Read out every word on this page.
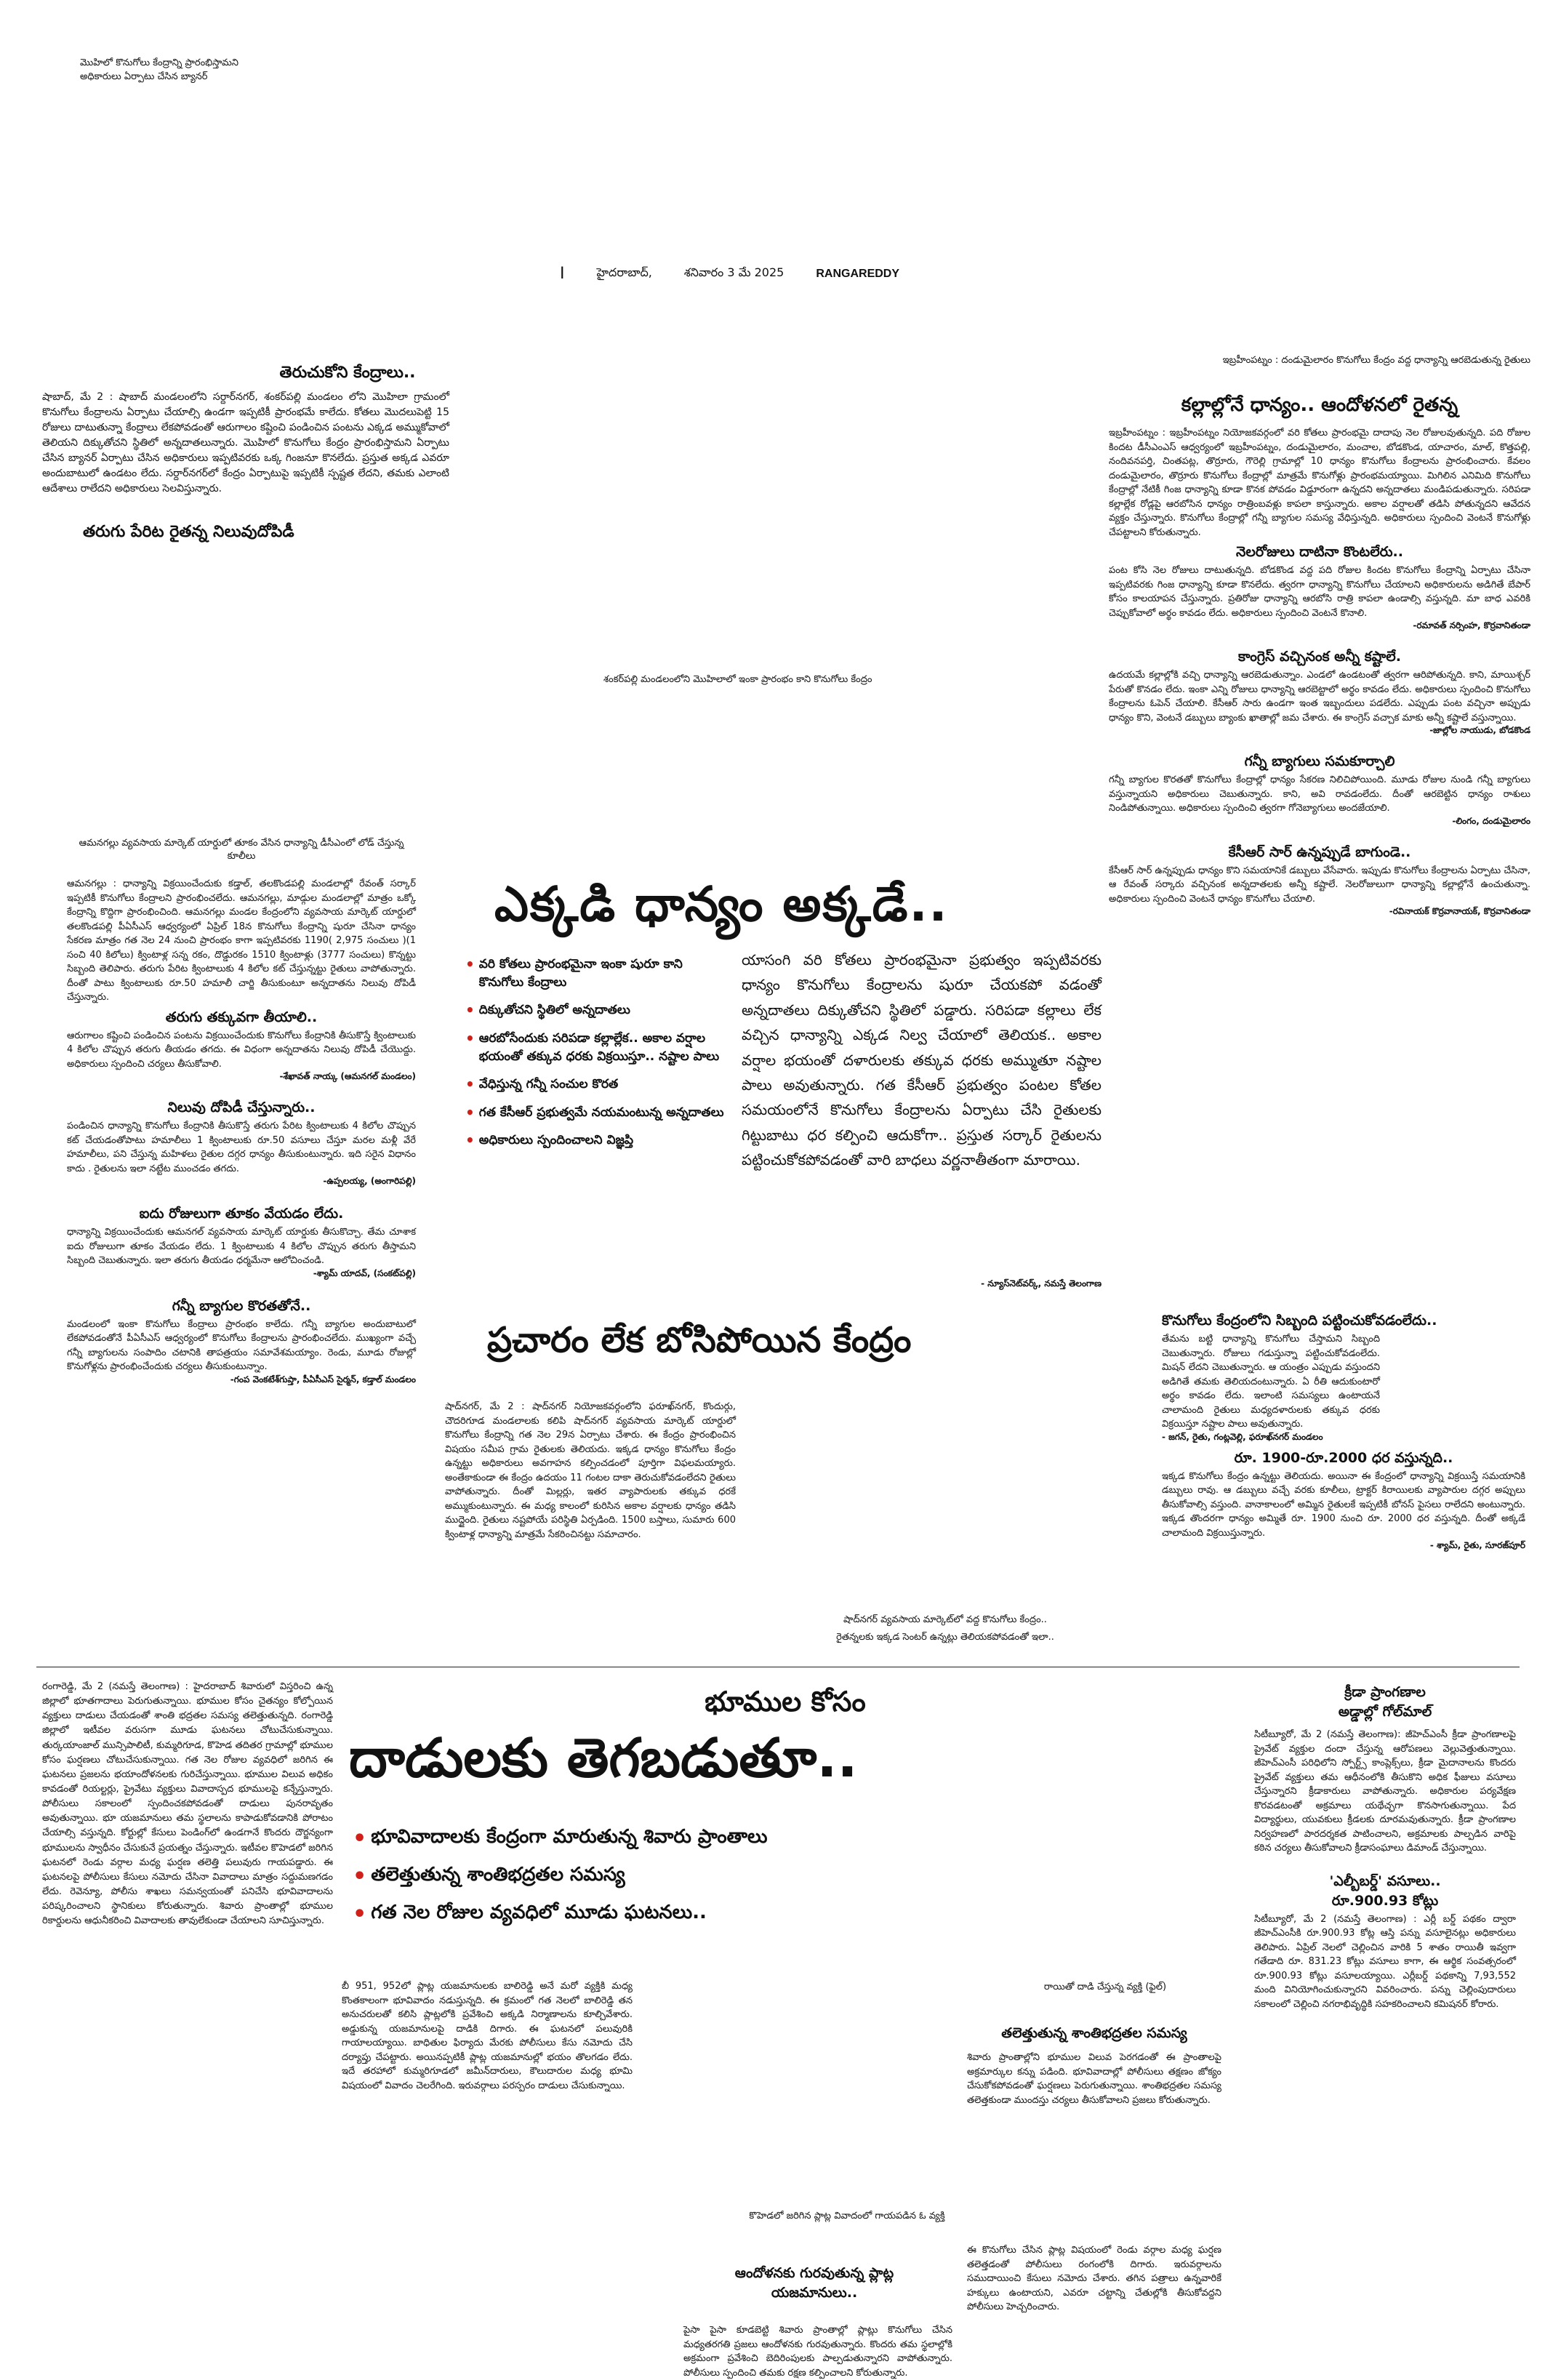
మొహిలో కొనుగోలు కేంద్రాన్ని ప్రారంభిస్తామని
అధికారులు ఏర్పాటు చేసిన బ్యానర్
I	హైదరాబాద్,	శనివారం 3 మే 2025	RANGAREDDY
తెరుచుకోని కేంద్రాలు..
షాబాద్, మే 2 : షాబాద్ మండలంలోని సర్దార్‌నగర్, శంకర్‌పల్లి మండలం లోని మొహిలా గ్రామంలో కొనుగోలు కేంద్రాలను ఏర్పాటు చేయాల్సి ఉండగా ఇప్పటికీ ప్రారంభమే కాలేదు. కోతలు మొదలుపెట్టి 15 రోజులు దాటుతున్నా కేంద్రాలు లేకపోవడంతో ఆరుగాలం కష్టించి పండించిన పంటను ఎక్కడ అమ్ముకోవాలో తెలియని దిక్కుతోచని స్థితిలో అన్నదాతలున్నారు. మొహిలో కొనుగోలు కేంద్రం ప్రారంభిస్తామని ఏర్పాటు చేసిన బ్యానర్ ఏర్పాటు చేసిన అధికారులు ఇప్పటివరకు ఒక్క గింజనూ కొనలేదు. ప్రస్తుత అక్కడ ఎవరూ అందుబాటులో ఉండటం లేదు. సర్దార్‌నగర్‌లో కేంద్రం ఏర్పాటుపై ఇప్పటికీ స్పష్టత లేదని, తమకు ఎలాంటి ఆదేశాలు రాలేదని అధికారులు సెలవిస్తున్నారు.
తరుగు పేరిట రైతన్న నిలువుదోపిడీ
శంకర్‌పల్లి మండలంలోని మొహిలాలో ఇంకా ప్రారంభం కాని కొనుగోలు కేంద్రం
ఇబ్రహీంపట్నం : దండుమైలారం కొనుగోలు కేంద్రం వద్ద ధాన్యాన్ని ఆరబెడుతున్న రైతులు
కల్లాల్లోనే ధాన్యం.. ఆందోళనలో రైతన్న
ఇబ్రహీంపట్నం : ఇబ్రహీంపట్నం నియోజకవర్గంలో వరి కోతలు ప్రారంభమై దాదాపు నెల రోజులవుతున్నది. పది రోజుల కిందట డీసీఎంఎస్ ఆధ్వర్యంలో ఇబ్రహీంపట్నం, దండుమైలారం, మంచాల, బోడకొండ, యాచారం, మాల్, కొత్తపల్లి, నందివనపర్తి, చింతపట్ల, తొర్రూరు, గౌరెల్లి గ్రామాల్లో 10 ధాన్యం కొనుగోలు కేంద్రాలను ప్రారంభించారు. కేవలం దండుమైలారం, తొర్రూరు కొనుగోలు కేంద్రాల్లో మాత్రమే కొనుగోళ్లు ప్రారంభమయ్యాయి. మిగిలిన ఎనిమిది కొనుగోలు కేంద్రాల్లో నేటికీ గింజ ధాన్యాన్ని కూడా కొనక పోవడం విడ్డూరంగా ఉన్నదని అన్నదాతలు మండిపడుతున్నారు. సరిపడా కల్లాల్లేక రోడ్లపై ఆరబోసిన ధాన్యం రాత్రింబవళ్లు కాపలా కాస్తున్నారు. అకాల వర్షాలతో తడిసి పోతున్నదని ఆవేదన వ్యక్తం చేస్తున్నారు. కొనుగోలు కేంద్రాల్లో గన్నీ బ్యాగుల సమస్య వేధిస్తున్నది. అధికారులు స్పందించి వెంటనే కొనుగోళ్లు చేపట్టాలని కోరుతున్నారు.
నెలరోజులు దాటినా కొంటలేరు..
పంట కోసి నెల రోజులు దాటుతున్నది. బోడకొండ వద్ద పది రోజుల కిందట కొనుగోలు కేంద్రాన్ని ఏర్పాటు చేసినా ఇప్పటివరకు గింజ ధాన్యాన్ని కూడా కొనలేదు. త్వరగా ధాన్యాన్ని కొనుగోలు చేయాలని అధికారులను అడిగితే బేపార్ కోసం కాలయాపన చేస్తున్నారు. ప్రతిరోజు ధాన్యాన్ని ఆరబోసి రాత్రి కాపలా ఉండాల్సి వస్తున్నది. మా బాధ ఎవరికి చెప్పుకోవాలో అర్థం కావడం లేదు. అధికారులు స్పందించి వెంటనే కొనాలి.
-రమావత్ నర్సింహ, కొర్రవానితండా
కాంగ్రెస్ వచ్చినంక అన్నీ కష్టాలే.
ఉదయమే కల్లాల్లోకి వచ్చి ధాన్యాన్ని ఆరబెడుతున్నాం. ఎండలో ఉండటంతో త్వరగా ఆరిపోతున్నది. కాని, మాయిశ్చర్ పేరుతో కొనడం లేదు. ఇంకా ఎన్ని రోజులు ధాన్యాన్ని ఆరబెట్టాలో అర్థం కావడం లేదు. అధికారులు స్పందించి కొనుగోలు కేంద్రాలను ఓపెన్ చేయాలి. కేసీఆర్ సారు ఉండగా ఇంత ఇబ్బందులు పడలేదు. ఎప్పుడు పంట వచ్చినా అప్పుడు ధాన్యం కొని, వెంటనే డబ్బులు బ్యాంకు ఖాతాల్లో జమ చేశారు. ఈ కాంగ్రెస్ వచ్చాక మాకు అన్నీ కష్టాలే వస్తున్నాయి.
-జాల్లోల నాయుడు, బోడకొండ
గన్నీ బ్యాగులు సమకూర్చాలి
గన్నీ బ్యాగుల కొరతతో కొనుగోలు కేంద్రాల్లో ధాన్యం సేకరణ నిలిచిపోయింది. మూడు రోజుల నుండి గన్నీ బ్యాగులు వస్తున్నాయని అధికారులు చెబుతున్నారు. కాని, అవి రావడంలేదు. దీంతో ఆరబెట్టిన ధాన్యం రాశులు నిండిపోతున్నాయి. అధికారులు స్పందించి త్వరగా గోనెబ్యాగులు అందజేయాలి.
-లింగం, దండుమైలారం
కేసీఆర్ సార్ ఉన్నప్పుడే బాగుండె..
కేసీఆర్ సార్ ఉన్నప్పుడు ధాన్యం కొని సమయానికే డబ్బులు వేసేవారు. ఇప్పుడు కొనుగోలు కేంద్రాలను ఏర్పాటు చేసినా, ఆ రేవంత్ సర్కారు వచ్చినంక అన్నదాతలకు అన్నీ కష్టాలే. నెలరోజులుగా ధాన్యాన్ని కల్లాల్లోనే ఉంచుతున్నా. అధికారులు స్పందించి వెంటనే ధాన్యం కొనుగోలు చేయాలి.
-రవినాయక్ కొర్రవానాయక్, కొర్రవానితండా
ఆమనగల్లు వ్యవసాయ మార్కెట్ యార్డులో తూకం వేసిన ధాన్యాన్ని డీసీఎంలో లోడ్ చేస్తున్న కూలీలు
ఆమనగల్లు : ధాన్యాన్ని విక్రయించేందుకు కడ్తాల్, తలకొండపల్లి మండలాల్లో రేవంత్ సర్కార్ ఇప్పటికీ కొనుగోలు కేంద్రాలని ప్రారంభించలేదు. ఆమనగల్లు, మాడ్గుల మండలాల్లో మాత్రం ఒక్కో కేంద్రాన్ని కొద్దిగా ప్రారంభించింది. ఆమనగల్లు మండల కేంద్రంలోని వ్యవసాయ మార్కెట్ యార్డులో తలకొండపల్లి పీఏసీఎస్ ఆధ్వర్యంలో ఏప్రిల్ 18న కొనుగోలు కేంద్రాన్ని షురూ చేసినా ధాన్యం సేకరణ మాత్రం గత నెల 24 నుంచి ప్రారంభం కాగా ఇప్పటివరకు 1190( 2,975 సంచులు )(1 సంచి 40 కిలోలు) క్వింటాళ్ల సన్న రకం, దొడ్డురకం 1510 క్వింటాళ్లు (3777 సంచులు) కొన్నట్టు సిబ్బంది తెలిపారు. తరుగు పేరిట క్వింటాలుకు 4 కిలోల కట్ చేస్తున్నట్టు రైతులు వాపోతున్నారు. దీంతో పాటు క్వింటాలుకు రూ.50 హమాలీ చార్జి తీసుకుంటూ అన్నదాతను నిలువు దోపిడీ చేస్తున్నారు.
తరుగు తక్కువగా తీయాలి..
ఆరుగాలం కష్టించి పండించిన పంటను విక్రయించేందుకు కొనుగోలు కేంద్రానికి తీసుకొస్తే క్వింటాలుకు 4 కిలోల చొప్పున తరుగు తీయడం తగదు. ఈ విధంగా అన్నదాతను నిలువు దోపిడీ చేయొద్దు. అధికారులు స్పందించి చర్యలు తీసుకోవాలి.
-శేఖావత్ నాయ్క (ఆమనగల్ మండలం)
నిలువు దోపిడీ చేస్తున్నారు..
పండించిన ధాన్యాన్ని కొనుగోలు కేంద్రానికి తీసుకొస్తే తరుగు పేరిట క్వింటాలుకు 4 కిలోల చొప్పున కట్ చేయడంతోపాటు హమాలీలు 1 క్వింటాలుకు రూ.50 వసూలు చేస్తూ మరల మళ్లీ వేరే హమాలీలు, పని చేస్తున్న మహిళలు రైతుల దగ్గర ధాన్యం తీసుకుంటున్నారు. ఇది సరైన విధానం కాదు . రైతులను ఇలా నట్టేట ముంచడం తగదు.
-ఉప్పలయ్య, (అంగారిపల్లి)
ఐదు రోజులుగా తూకం వేయడం లేదు.
ధాన్యాన్ని విక్రయించేందుకు ఆమనగల్ వ్యవసాయ మార్కెట్ యార్డుకు తీసుకొచ్చా. తేమ చూశాక ఐదు రోజులుగా తూకం వేయడం లేదు. 1 క్వింటాలుకు 4 కిలోల చొప్పున తరుగు తీస్తామని సిబ్బంది చెబుతున్నారు. ఇలా తరుగు తీయడం ధర్మమేనా ఆలోచించండి.
-శ్యామ్ యాదవ్, (సంకట్‌పల్లి)
గన్నీ బ్యాగుల కొరతతోనే..
మండలంలో ఇంకా కొనుగోలు కేంద్రాలు ప్రారంభం కాలేదు. గన్నీ బ్యాగుల అందుబాటులో లేకపోవడంతోనే పీఏసీఎస్ ఆధ్వర్యంలో కొనుగోలు కేంద్రాలను ప్రారంభించలేదు. ముఖ్యంగా వచ్చే గన్నీ బ్యాగులను సంపాదిం చటానికి తాపత్రయం సమావేశమయ్యాం. రెండు, మూడు రోజుల్లో కొనుగోళ్లను ప్రారంభించేందుకు చర్యలు తీసుకుంటున్నాం.
-గంప వెంకటేశ్‌గుప్తా, పీఏసీఎస్ సైర్మన్, కడ్తాల్ మండలం
ఎక్కడి ధాన్యం అక్కడే..
• వరి కోతలు ప్రారంభమైనా ఇంకా షురూ కాని కొనుగోలు కేంద్రాలు
• దిక్కుతోచని స్థితిలో అన్నదాతలు
• ఆరబోసేందుకు సరిపడా కల్లాల్లేక.. అకాల వర్షాల భయంతో తక్కువ ధరకు విక్రయిస్తూ.. నష్టాల పాలు
• వేధిస్తున్న గన్నీ సంచుల కొరత
• గత కేసీఆర్ ప్రభుత్వమే నయమంటున్న అన్నదాతలు
• అధికారులు స్పందించాలని విజ్ఞప్తి
యాసంగి వరి కోతలు ప్రారంభమైనా ప్రభుత్వం ఇప్పటివరకు ధాన్యం కొనుగోలు కేంద్రాలను షురూ చేయకపో వడంతో అన్నదాతలు దిక్కుతోచని స్థితిలో పడ్డారు. సరిపడా కల్లాలు లేక వచ్చిన ధాన్యాన్ని ఎక్కడ నిల్వ చేయాలో తెలియక.. అకాల వర్షాల భయంతో దళారులకు తక్కువ ధరకు అమ్ముతూ నష్టాల పాలు అవుతున్నారు. గత కేసీఆర్ ప్రభుత్వం పంటల కోతల సమయంలోనే కొనుగోలు కేంద్రాలను ఏర్పాటు చేసి రైతులకు గిట్టుబాటు ధర కల్పించి ఆదుకోగా.. ప్రస్తుత సర్కార్ రైతులను పట్టించుకోకపోవడంతో వారి బాధలు వర్ణనాతీతంగా మారాయి.
- న్యూస్‌నెట్‌వర్క్, నమస్తే తెలంగాణ
ప్రచారం లేక బోసిపోయిన కేంద్రం
షాద్‌నగర్, మే 2 : షాద్‌నగర్ నియోజకవర్గంలోని ఫరూఖ్‌నగర్, కొందుర్గు, చౌదరిగూడ మండలాలకు కలిపి షాద్‌నగర్ వ్యవసాయ మార్కెట్ యార్డులో కొనుగోలు కేంద్రాన్ని గత నెల 29న ఏర్పాటు చేశారు. ఈ కేంద్రం ప్రారంభించిన విషయం సమీప గ్రామ రైతులకు తెలియదు. ఇక్కడ ధాన్యం కొనుగోలు కేంద్రం ఉన్నట్టు అధికారులు అవగాహన కల్పించడంలో పూర్తిగా విఫలమయ్యారు. అంతేకాకుండా ఈ కేంద్రం ఉదయం 11 గంటల దాకా తెరుచుకోవడంలేదని రైతులు వాపోతున్నారు. దీంతో మిల్లర్లు, ఇతర వ్యాపారులకు తక్కువ ధరకే అమ్ముకుంటున్నారు. ఈ మధ్య కాలంలో కురిసిన అకాల వర్షాలకు ధాన్యం తడిసి ముద్దైంది. రైతులు నష్టపోయే పరిస్థితి ఏర్పడింది. 1500 బస్తాలు, సుమారు 600 క్వింటాళ్ల ధాన్యాన్ని మాత్రమే సేకరించినట్టు సమాచారం.
షాద్‌నగర్ వ్యవసాయ మార్కెట్‌లో వద్ద కొనుగోలు కేంద్రం..
రైతన్నలకు ఇక్కడ సెంటర్ ఉన్నట్లు తెలియకపోవడంతో ఇలా..
కొనుగోలు కేంద్రంలోని సిబ్బంది పట్టించుకోవడంలేదు..
తేమను బట్టి ధాన్యాన్ని కొనుగోలు చేస్తామని సిబ్బంది చెబుతున్నారు. రోజులు గడుస్తున్నా పట్టించుకోవడంలేదు. మిషన్ లేదని చెబుతున్నారు. ఆ యంత్రం ఎప్పుడు వస్తుందని అడిగితే తమకు తెలియదంటున్నారు. ఏ రీతి ఆదుకుంటారో అర్థం కావడం లేదు. ఇలాంటి సమస్యలు ఉంటాయనే చాలామంది రైతులు మధ్యదళారులకు తక్కువ ధరకు విక్రయిస్తూ నష్టాల పాలు అవుతున్నారు.
- జగన్, రైతు, గంట్లవెల్లి, ఫరూఖ్‌నగర్ మండలం
రూ. 1900-రూ.2000 ధర వస్తున్నది..
ఇక్కడ కొనుగోలు కేంద్రం ఉన్నట్టు తెలియదు. అయినా ఈ కేంద్రంలో ధాన్యాన్ని విక్రయిస్తే సమయానికి డబ్బులు రావు. ఆ డబ్బులు వచ్చే వరకు కూలీలు, ట్రాక్టర్ కిరాయిలకు వ్యాపారుల దగ్గర అప్పులు తీసుకోవాల్సి వస్తుంది. వానాకాలంలో అమ్మిన రైతులకే ఇప్పటికీ బోనస్ పైసలు రాలేదని అంటున్నారు. ఇక్కడ తొందరగా ధాన్యం అమ్మితే రూ. 1900 నుంచి రూ. 2000 ధర వస్తున్నది. దీంతో అక్కడే చాలామంది విక్రయిస్తున్నారు.
- శ్యామ్, రైతు, సూరజ్‌పూర్
భూముల కోసం
దాడులకు తెగబడుతూ..
• భూవివాదాలకు కేంద్రంగా మారుతున్న శివారు ప్రాంతాలు
• తలెత్తుతున్న శాంతిభద్రతల సమస్య
• గత నెల రోజుల వ్యవధిలో మూడు ఘటనలు..
రంగారెడ్డి, మే 2 (నమస్తే తెలంగాణ) : హైదరాబాద్ శివారులో విస్తరించి ఉన్న జిల్లాలో భూతగాదాలు పెరుగుతున్నాయి. భూముల కోసం చైతన్యం కోల్పోయిన వ్యక్తులు దాడులు చేయడంతో శాంతి భద్రతల సమస్య తలెత్తుతున్నది. రంగారెడ్డి జిల్లాలో ఇటీవల వరుసగా మూడు ఘటనలు చోటుచేసుకున్నాయి. తుర్కయాంజాల్ మున్సిపాలిటీ, కుమ్మరిగూడ, కొహెడ తదితర గ్రామాల్లో భూముల కోసం ఘర్షణలు చోటుచేసుకున్నాయి. గత నెల రోజుల వ్యవధిలో జరిగిన ఈ ఘటనలు ప్రజలను భయాందోళనలకు గురిచేస్తున్నాయి. భూముల విలువ అధికం కావడంతో రియల్టర్లు, ప్రైవేటు వ్యక్తులు వివాదాస్పద భూములపై కన్నేస్తున్నారు. పోలీసులు సకాలంలో స్పందించకపోవడంతో దాడులు పునరావృతం అవుతున్నాయి. భూ యజమానులు తమ స్థలాలను కాపాడుకోవడానికి పోరాటం చేయాల్సి వస్తున్నది. కోర్టుల్లో కేసులు పెండింగ్‌లో ఉండగానే కొందరు దౌర్జన్యంగా భూములను స్వాధీనం చేసుకునే ప్రయత్నం చేస్తున్నారు. ఇటీవల కొహెడలో జరిగిన ఘటనలో రెండు వర్గాల మధ్య ఘర్షణ తలెత్తి పలువురు గాయపడ్డారు. ఈ ఘటనలపై పోలీసులు కేసులు నమోదు చేసినా వివాదాలు మాత్రం సద్దుమణగడం లేదు. రెవెన్యూ, పోలీసు శాఖలు సమన్వయంతో పనిచేసి భూవివాదాలను పరిష్కరించాలని స్థానికులు కోరుతున్నారు. శివారు ప్రాంతాల్లో భూముల రికార్డులను ఆధునీకరించి వివాదాలకు తావులేకుండా చేయాలని సూచిస్తున్నారు.
బీ 951, 952లో ప్లాట్ల యజమానులకు బాలిరెడ్డి అనే మరో వ్యక్తికి మధ్య కొంతకాలంగా భూవివాదం నడుస్తున్నది. ఈ క్రమంలో గత నెలలో బాలిరెడ్డి తన అనుచరులతో కలిసి ప్లాట్లలోకి ప్రవేశించి అక్కడి నిర్మాణాలను కూల్చివేశారు. అడ్డుకున్న యజమానులపై దాడికి దిగారు. ఈ ఘటనలో పలువురికి గాయాలయ్యాయి. బాధితుల ఫిర్యాదు మేరకు పోలీసులు కేసు నమోదు చేసి దర్యాప్తు చేపట్టారు. అయినప్పటికీ ప్లాట్ల యజమానుల్లో భయం తొలగడం లేదు. ఇదే తరహాలో కుమ్మరిగూడలో జమీన్‌దారులు, కౌలుదారుల మధ్య భూమి విషయంలో వివాదం చెలరేగింది. ఇరువర్గాలు పరస్పరం దాడులు చేసుకున్నాయి.
రాయితో దాడి చేస్తున్న వ్యక్తి (ఫైల్)
కొహెడలో జరిగిన ప్లాట్ల వివాదంలో గాయపడిన ఓ వ్యక్తి
ఆందోళనకు గురవుతున్న ప్లాట్ల యజమానులు..
పైసా పైసా కూడబెట్టి శివారు ప్రాంతాల్లో ప్లాట్లు కొనుగోలు చేసిన మధ్యతరగతి ప్రజలు ఆందోళనకు గురవుతున్నారు. కొందరు తమ స్థలాల్లోకి అక్రమంగా ప్రవేశించి బెదిరింపులకు పాల్పడుతున్నారని వాపోతున్నారు. పోలీసులు స్పందించి తమకు రక్షణ కల్పించాలని కోరుతున్నారు.
తలెత్తుతున్న శాంతిభద్రతల సమస్య
శివారు ప్రాంతాల్లోని భూముల విలువ పెరగడంతో ఈ ప్రాంతాలపై అక్రమార్కుల కన్ను పడింది. భూవివాదాల్లో పోలీసులు తక్షణం జోక్యం చేసుకోకపోవడంతో ఘర్షణలు పెరుగుతున్నాయి. శాంతిభద్రతల సమస్య తలెత్తకుండా ముందస్తు చర్యలు తీసుకోవాలని ప్రజలు కోరుతున్నారు.
ఈ కొనుగోలు చేసిన ప్లాట్ల విషయంలో రెండు వర్గాల మధ్య ఘర్షణ తలెత్తడంతో పోలీసులు రంగంలోకి దిగారు. ఇరువర్గాలను సముదాయించి కేసులు నమోదు చేశారు. తగిన పత్రాలు ఉన్నవారికే హక్కులు ఉంటాయని, ఎవరూ చట్టాన్ని చేతుల్లోకి తీసుకోవద్దని పోలీసులు హెచ్చరించారు.
క్రీడా ప్రాంగణాల
అడ్డాల్లో గోల్‌మాల్
సిటీబ్యూరో, మే 2 (నమస్తే తెలంగాణ): జీహెచ్‌ఎంసీ క్రీడా ప్రాంగణాలపై ప్రైవేట్ వ్యక్తుల దందా చేస్తున్న ఆరోపణలు వెల్లువెత్తుతున్నాయి. జీహెచ్‌ఎంసీ పరిధిలోని స్పోర్ట్స్ కాంప్లెక్స్‌లు, క్రీడా మైదానాలను కొందరు ప్రైవేట్ వ్యక్తులు తమ ఆధీనంలోకి తీసుకొని అధిక ఫీజులు వసూలు చేస్తున్నారని క్రీడాకారులు వాపోతున్నారు. అధికారుల పర్యవేక్షణ కొరవడటంతో అక్రమాలు యథేచ్ఛగా కొనసాగుతున్నాయి. పేద విద్యార్థులు, యువకులు క్రీడలకు దూరమవుతున్నారు. క్రీడా ప్రాంగణాల నిర్వహణలో పారదర్శకత పాటించాలని, అక్రమాలకు పాల్పడిన వారిపై కఠిన చర్యలు తీసుకోవాలని క్రీడాసంఘాలు డిమాండ్ చేస్తున్నాయి.
'ఎల్బీబర్డ్' వసూలు..
రూ.900.93 కోట్లు
సిటీబ్యూరో, మే 2 (నమస్తే తెలంగాణ) : ఎర్లీ బర్డ్ పథకం ద్వారా జీహెచ్‌ఎంసీకి రూ.900.93 కోట్ల ఆస్తి పన్ను వసూలైనట్లు అధికారులు తెలిపారు. ఏప్రిల్ నెలలో చెల్లించిన వారికి 5 శాతం రాయితీ ఇవ్వగా గతేడాది రూ. 831.23 కోట్లు వసూలు కాగా, ఈ ఆర్థిక సంవత్సరంలో రూ.900.93 కోట్లు వసూలయ్యాయి. ఎర్లీబర్డ్ పథకాన్ని 7,93,552 మంది వినియోగించుకున్నారని వివరించారు. పన్ను చెల్లింపుదారులు సకాలంలో చెల్లించి నగరాభివృద్ధికి సహకరించాలని కమిషనర్ కోరారు.
